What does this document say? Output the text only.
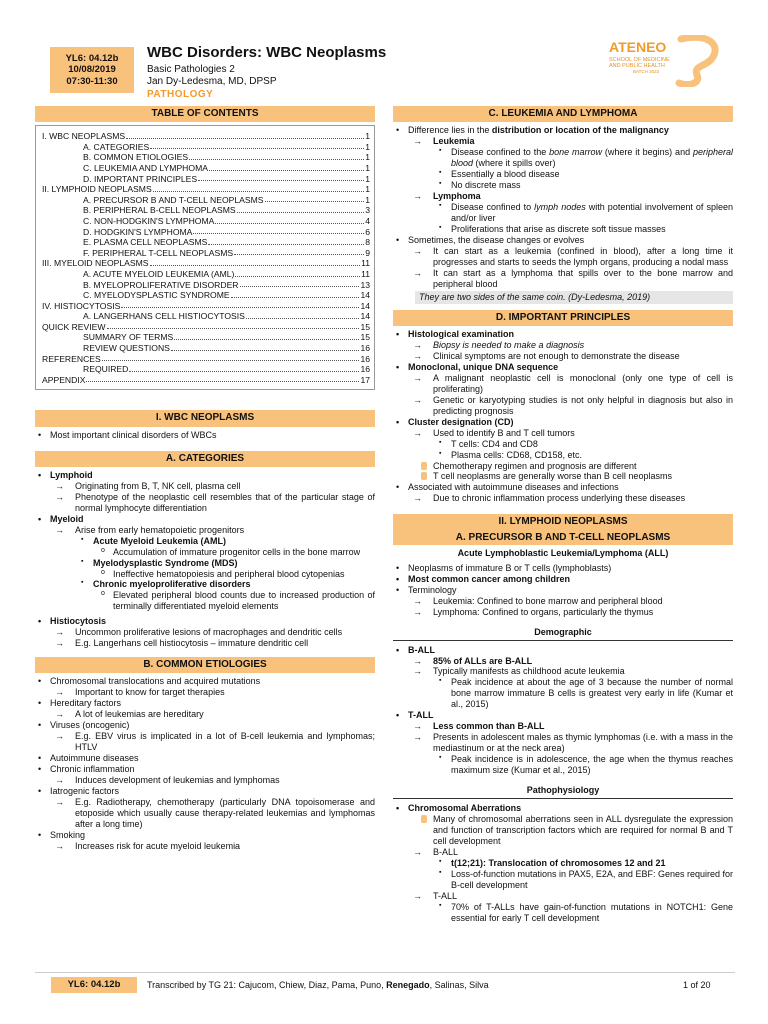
YL6: 04.12b
10/08/2019
07:30-11:30
WBC Disorders: WBC Neoplasms
Basic Pathologies 2
Jan Dy-Ledesma, MD, DPSP
PATHOLOGY
ATENEO
SCHOOL OF MEDICINE
AND PUBLIC HEALTH
BATCH 2022
TABLE OF CONTENTS
I. WBC NEOPLASMS	1
A. CATEGORIES	1
B. COMMON ETIOLOGIES	1
C. LEUKEMIA AND LYMPHOMA	1
D. IMPORTANT PRINCIPLES	1
II. LYMPHOID NEOPLASMS	1
A. PRECURSOR B AND T-CELL NEOPLASMS	1
B. PERIPHERAL B-CELL NEOPLASMS	3
C. NON-HODGKIN'S LYMPHOMA	4
D. HODGKIN'S LYMPHOMA	6
E. PLASMA CELL NEOPLASMS	8
F. PERIPHERAL T-CELL NEOPLASMS	9
III. MYELOID NEOPLASMS	11
A. ACUTE MYELOID LEUKEMIA (AML)	11
B. MYELOPROLIFERATIVE DISORDER	13
C. MYELODYSPLASTIC SYNDROME	14
IV. HISTIOCYTOSIS	14
A. LANGERHANS CELL HISTIOCYTOSIS	14
QUICK REVIEW	15
SUMMARY OF TERMS	15
REVIEW QUESTIONS	16
REFERENCES	16
REQUIRED	16
APPENDIX	17
I. WBC NEOPLASMS
• Most important clinical disorders of WBCs
A. CATEGORIES
• Lymphoid
→ Originating from B, T, NK cell, plasma cell
→ Phenotype of the neoplastic cell resembles that of the particular stage of normal lymphocyte differentiation
• Myeloid
→ Arise from early hematopoietic progenitors
▪ Acute Myeloid Leukemia (AML)
o Accumulation of immature progenitor cells in the bone marrow
▪ Myelodysplastic Syndrome (MDS)
o Ineffective hematopoiesis and peripheral blood cytopenias
▪ Chronic myeloproliferative disorders
o Elevated peripheral blood counts due to increased production of terminally differentiated myeloid elements
• Histiocytosis
→ Uncommon proliferative lesions of macrophages and dendritic cells
→ E.g. Langerhans cell histiocytosis – immature dendritic cell
B. COMMON ETIOLOGIES
• Chromosomal translocations and acquired mutations
→ Important to know for target therapies
• Hereditary factors
→ A lot of leukemias are hereditary
• Viruses (oncogenic)
→ E.g. EBV virus is implicated in a lot of B-cell leukemia and lymphomas; HTLV
• Autoimmune diseases
• Chronic inflammation
→ Induces development of leukemias and lymphomas
• Iatrogenic factors
→ E.g. Radiotherapy, chemotherapy (particularly DNA topoisomerase and etoposide which usually cause therapy-related leukemias and lymphomas after a long time)
• Smoking
→ Increases risk for acute myeloid leukemia
C. LEUKEMIA AND LYMPHOMA
• Difference lies in the distribution or location of the malignancy
→ Leukemia
▪ Disease confined to the bone marrow (where it begins) and peripheral blood (where it spills over)
▪ Essentially a blood disease
▪ No discrete mass
→ Lymphoma
▪ Disease confined to lymph nodes with potential involvement of spleen and/or liver
▪ Proliferations that arise as discrete soft tissue masses
• Sometimes, the disease changes or evolves
→ It can start as a leukemia (confined in blood), after a long time it progresses and starts to seeds the lymph organs, producing a nodal mass
→ It can start as a lymphoma that spills over to the bone marrow and peripheral blood
They are two sides of the same coin. (Dy-Ledesma, 2019)
D. IMPORTANT PRINCIPLES
• Histological examination
→ Biopsy is needed to make a diagnosis
→ Clinical symptoms are not enough to demonstrate the disease
• Monoclonal, unique DNA sequence
→ A malignant neoplastic cell is monoclonal (only one type of cell is proliferating)
→ Genetic or karyotyping studies is not only helpful in diagnosis but also in predicting prognosis
• Cluster designation (CD)
→ Used to identify B and T cell tumors
▪ T cells: CD4 and CD8
▪ Plasma cells: CD68, CD158, etc.
Chemotherapy regimen and prognosis are different
T cell neoplasms are generally worse than B cell neoplasms
• Associated with autoimmune diseases and infections
→ Due to chronic inflammation process underlying these diseases
II. LYMPHOID NEOPLASMS
A. PRECURSOR B AND T-CELL NEOPLASMS
Acute Lymphoblastic Leukemia/Lymphoma (ALL)
• Neoplasms of immature B or T cells (lymphoblasts)
• Most common cancer among children
• Terminology
→ Leukemia: Confined to bone marrow and peripheral blood
→ Lymphoma: Confined to organs, particularly the thymus
Demographic
• B-ALL
→ 85% of ALLs are B-ALL
→ Typically manifests as childhood acute leukemia
▪ Peak incidence at about the age of 3 because the number of normal bone marrow immature B cells is greatest very early in life (Kumar et al., 2015)
• T-ALL
→ Less common than B-ALL
→ Presents in adolescent males as thymic lymphomas (i.e. with a mass in the mediastinum or at the neck area)
▪ Peak incidence is in adolescence, the age when the thymus reaches maximum size (Kumar et al., 2015)
Pathophysiology
• Chromosomal Aberrations
Many of chromosomal aberrations seen in ALL dysregulate the expression and function of transcription factors which are required for normal B and T cell development
→ B-ALL
▪ t(12;21): Translocation of chromosomes 12 and 21
▪ Loss-of-function mutations in PAX5, E2A, and EBF: Genes required for B-cell development
→ T-ALL
▪ 70% of T-ALLs have gain-of-function mutations in NOTCH1: Gene essential for early T cell development
YL6: 04.12b	Transcribed by TG 21: Cajucom, Chiew, Diaz, Pama, Puno, Renegado, Salinas, Silva	1 of 20
